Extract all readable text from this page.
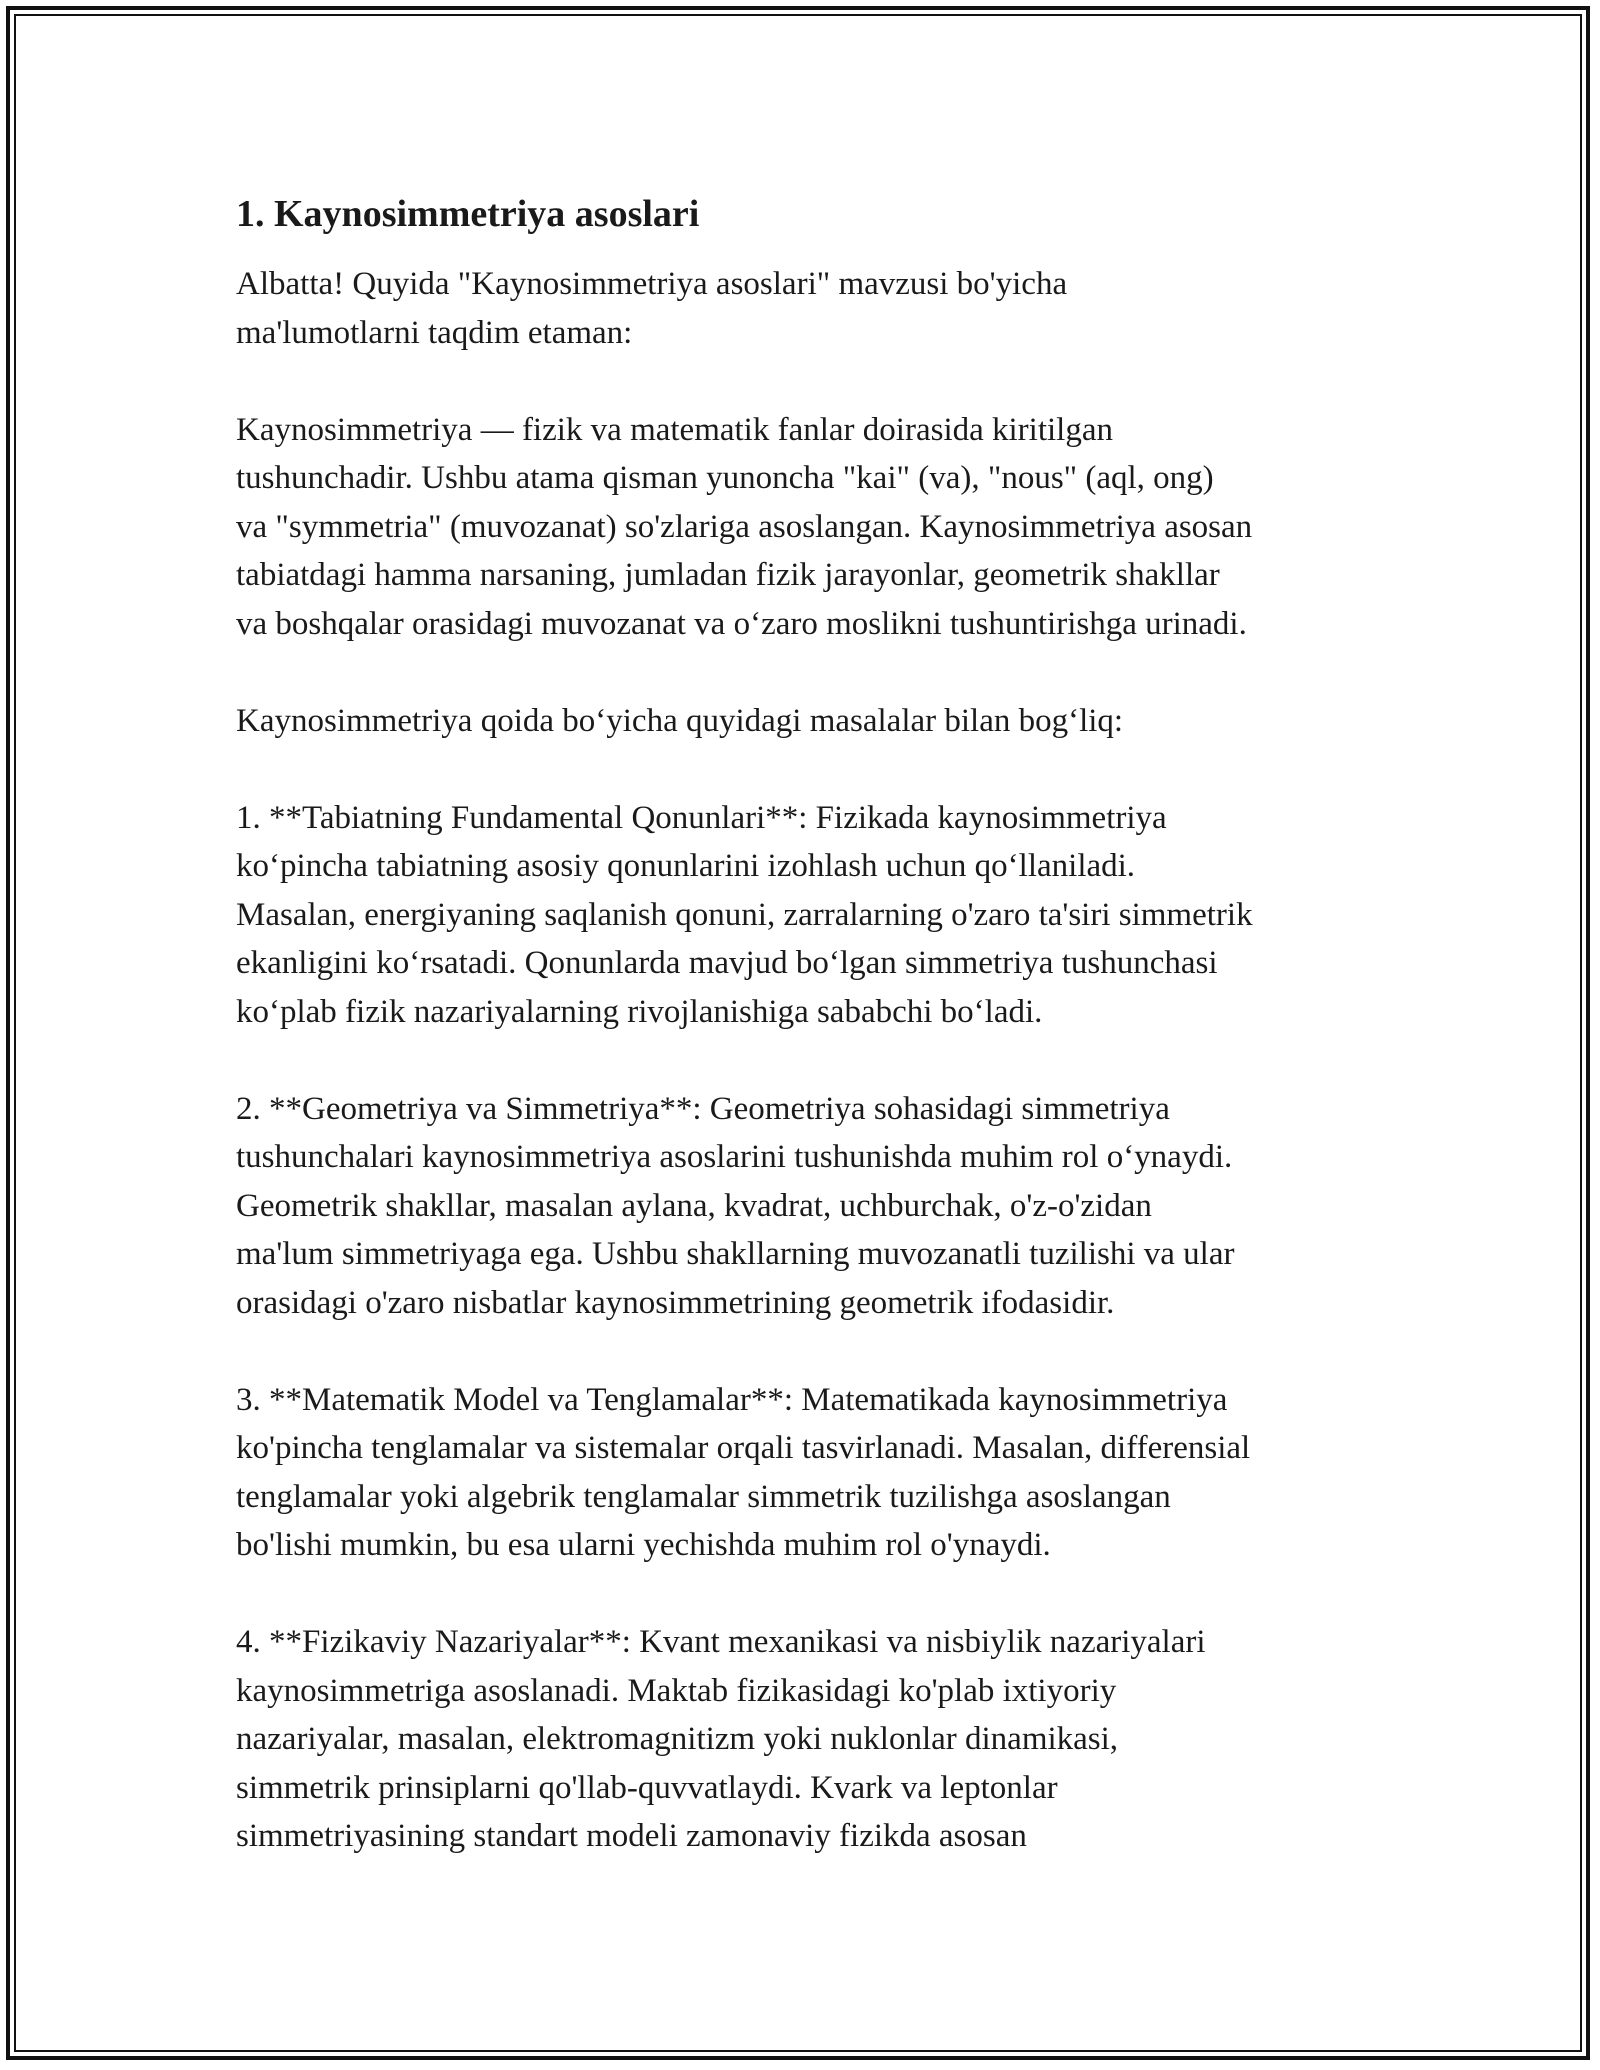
1. Kaynosimmetriya asoslari

Albatta! Quyida "Kaynosimmetriya asoslari" mavzusi bo'yicha
ma'lumotlarni taqdim etaman:

Kaynosimmetriya — fizik va matematik fanlar doirasida kiritilgan
tushunchadir. Ushbu atama qisman yunoncha "kai" (va), "nous" (aql, ong)
va "symmetria" (muvozanat) so'zlariga asoslangan. Kaynosimmetriya asosan
tabiatdagi hamma narsaning, jumladan fizik jarayonlar, geometrik shakllar
va boshqalar orasidagi muvozanat va o‘zaro moslikni tushuntirishga urinadi.

Kaynosimmetriya qoida bo‘yicha quyidagi masalalar bilan bog‘liq:

1. **Tabiatning Fundamental Qonunlari**: Fizikada kaynosimmetriya
ko‘pincha tabiatning asosiy qonunlarini izohlash uchun qo‘llaniladi.
Masalan, energiyaning saqlanish qonuni, zarralarning o'zaro ta'siri simmetrik
ekanligini ko‘rsatadi. Qonunlarda mavjud bo‘lgan simmetriya tushunchasi
ko‘plab fizik nazariyalarning rivojlanishiga sababchi bo‘ladi.

2. **Geometriya va Simmetriya**: Geometriya sohasidagi simmetriya
tushunchalari kaynosimmetriya asoslarini tushunishda muhim rol o‘ynaydi.
Geometrik shakllar, masalan aylana, kvadrat, uchburchak, o'z-o'zidan
ma'lum simmetriyaga ega. Ushbu shakllarning muvozanatli tuzilishi va ular
orasidagi o'zaro nisbatlar kaynosimmetrining geometrik ifodasidir.

3. **Matematik Model va Tenglamalar**: Matematikada kaynosimmetriya
ko'pincha tenglamalar va sistemalar orqali tasvirlanadi. Masalan, differensial
tenglamalar yoki algebrik tenglamalar simmetrik tuzilishga asoslangan
bo'lishi mumkin, bu esa ularni yechishda muhim rol o'ynaydi.

4. **Fizikaviy Nazariyalar**: Kvant mexanikasi va nisbiylik nazariyalari
kaynosimmetriga asoslanadi. Maktab fizikasidagi ko'plab ixtiyoriy
nazariyalar, masalan, elektromagnitizm yoki nuklonlar dinamikasi,
simmetrik prinsiplarni qo'llab-quvvatlaydi. Kvark va leptonlar
simmetriyasining standart modeli zamonaviy fizikda asosan
